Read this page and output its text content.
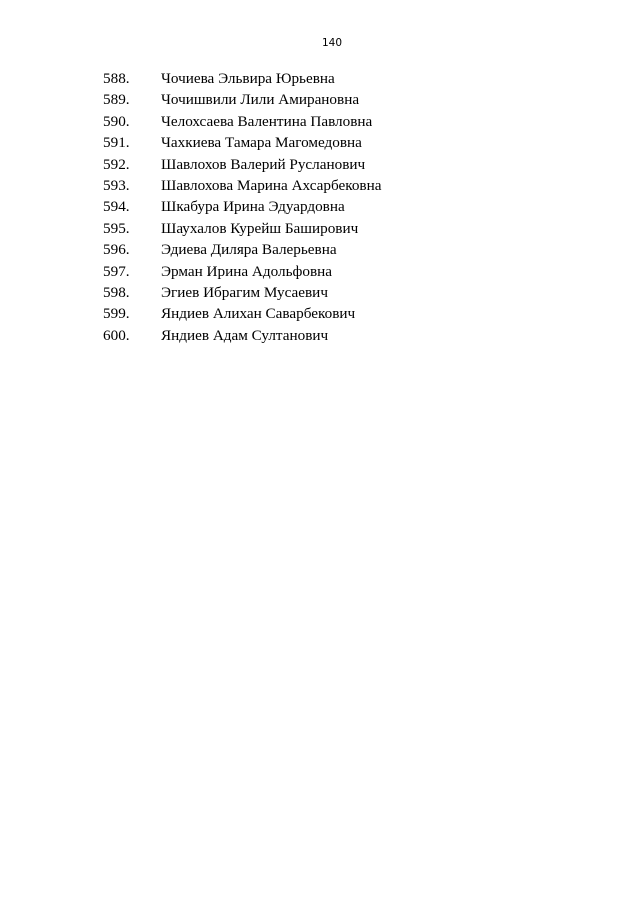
140
588.	Чочиева Эльвира Юрьевна
589.	Чочишвили Лили Амирановна
590.	Челохсаева Валентина Павловна
591.	Чахкиева Тамара Магомедовна
592.	Шавлохов Валерий Русланович
593.	Шавлохова Марина Ахсарбековна
594.	Шкабура Ирина Эдуардовна
595.	Шаухалов Курейш Баширович
596.	Эдиева Диляра Валерьевна
597.	Эрман Ирина Адольфовна
598.	Эгиев Ибрагим Мусаевич
599.	Яндиев Алихан Саварбекович
600.	Яндиев Адам Султанович
